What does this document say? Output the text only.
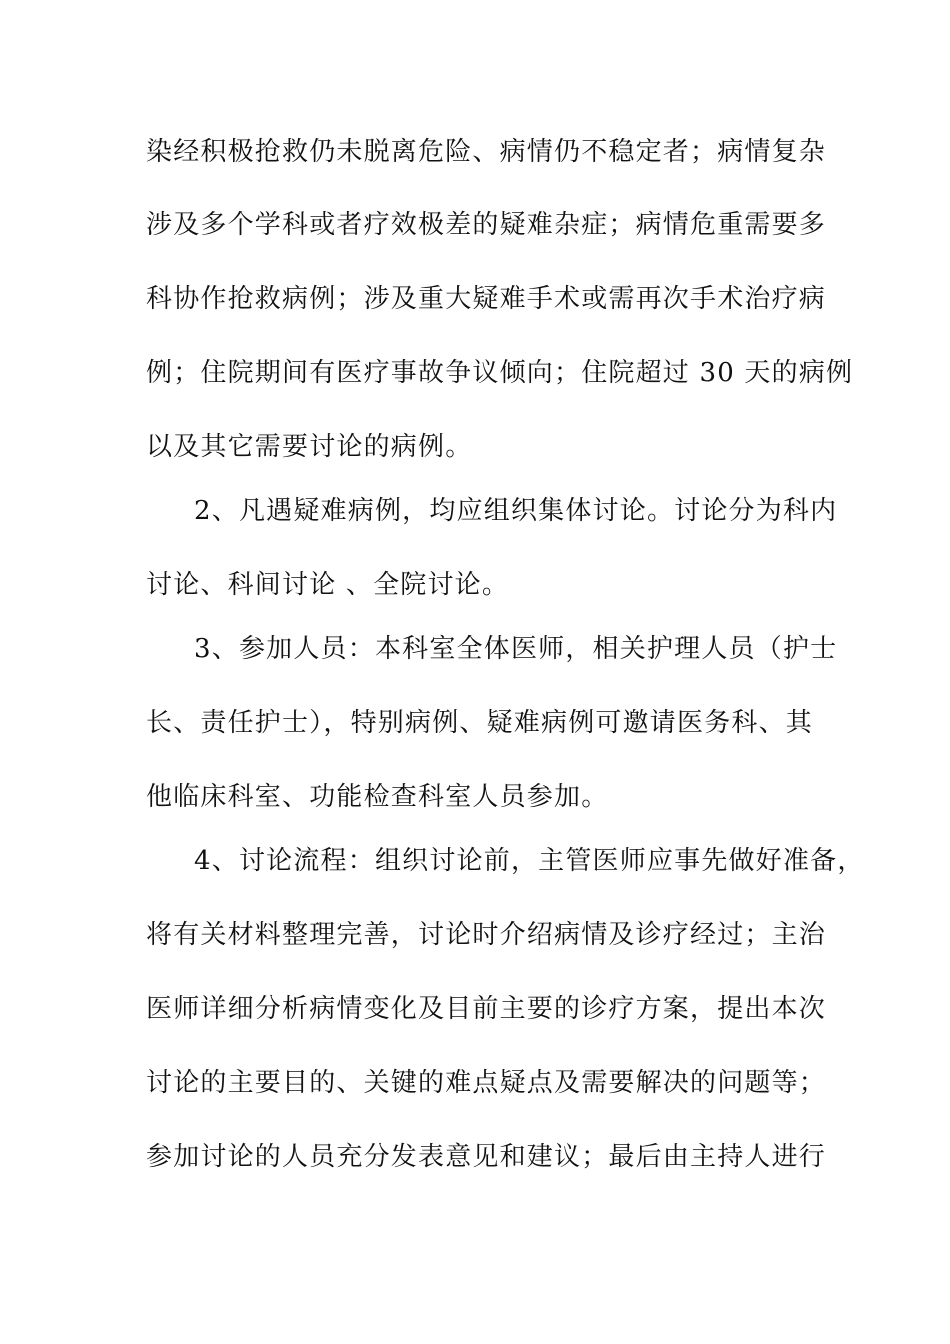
染经积极抢救仍未脱离危险、病情仍不稳定者；病情复杂
涉及多个学科或者疗效极差的疑难杂症；病情危重需要多
科协作抢救病例；涉及重大疑难手术或需再次手术治疗病
例；住院期间有医疗事故争议倾向；住院超过 30 天的病例
以及其它需要讨论的病例。
2、凡遇疑难病例，均应组织集体讨论。讨论分为科内
讨论、科间讨论 、全院讨论。
3、参加人员：本科室全体医师，相关护理人员（护士
长、责任护士），特别病例、疑难病例可邀请医务科、其
他临床科室、功能检查科室人员参加。
4、讨论流程：组织讨论前，主管医师应事先做好准备，
将有关材料整理完善，讨论时介绍病情及诊疗经过；主治
医师详细分析病情变化及目前主要的诊疗方案，提出本次
讨论的主要目的、关键的难点疑点及需要解决的问题等；
参加讨论的人员充分发表意见和建议；最后由主持人进行
